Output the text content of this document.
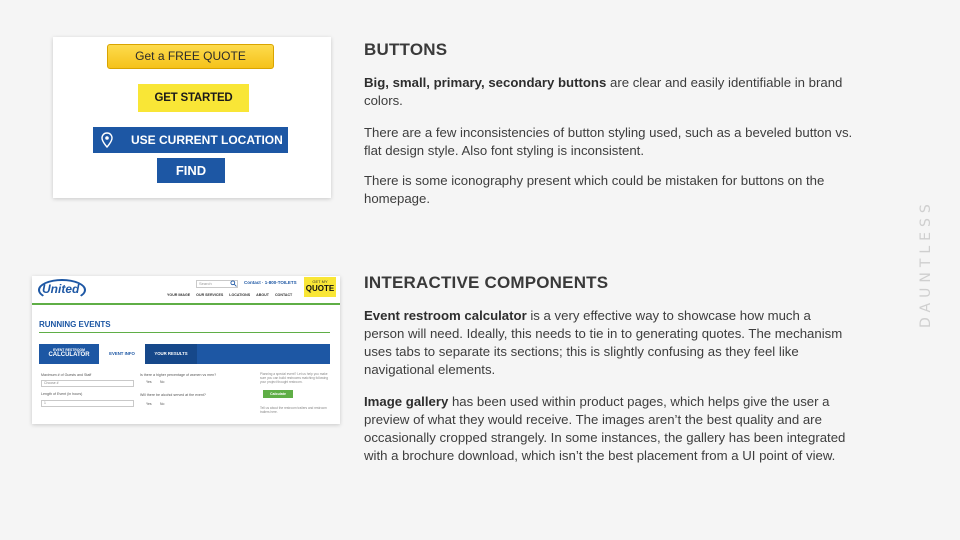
Get a FREE QUOTE
GET STARTED
USE CURRENT LOCATION
FIND
BUTTONS
Big, small, primary, secondary buttons are clear and easily identifiable in brand colors.
There are a few inconsistencies of button styling used, such as a beveled button vs. flat design style. Also font styling is inconsistent.
There is some iconography present which could be mistaken for buttons on the homepage.
United	Search	Contact · 1-800-TOILETS	GET MY
QUOTE
YOUR IMAGE OUR SERVICES LOCATIONS ABOUT CONTACT
RUNNING EVENTS
EVENT RESTROOM
CALCULATOR	EVENT INFO	YOUR RESULTS
Maximum # of Guests and Staff
Choose #
Length of Event (in hours)
1
Is there a higher percentage of women vs men?
Yes No
Will there be alcohol served at the event?
Yes No
Planning a special event? Let us help you make sure you can build restrooms matching following your project thought restroom.
Calculate
Tell us about the restroom trailers and restroom trailers here.
INTERACTIVE COMPONENTS
Event restroom calculator is a very effective way to showcase how much a person will need. Ideally, this needs to tie in to generating quotes. The mechanism uses tabs to separate its sections; this is slightly confusing as they feel like navigational elements.
Image gallery has been used within product pages, which helps give the user a preview of what they would receive. The images aren’t the best quality and are occasionally cropped strangely. In some instances, the gallery has been integrated with a brochure download, which isn’t the best placement from a UI point of view.
DAUNTLESS
